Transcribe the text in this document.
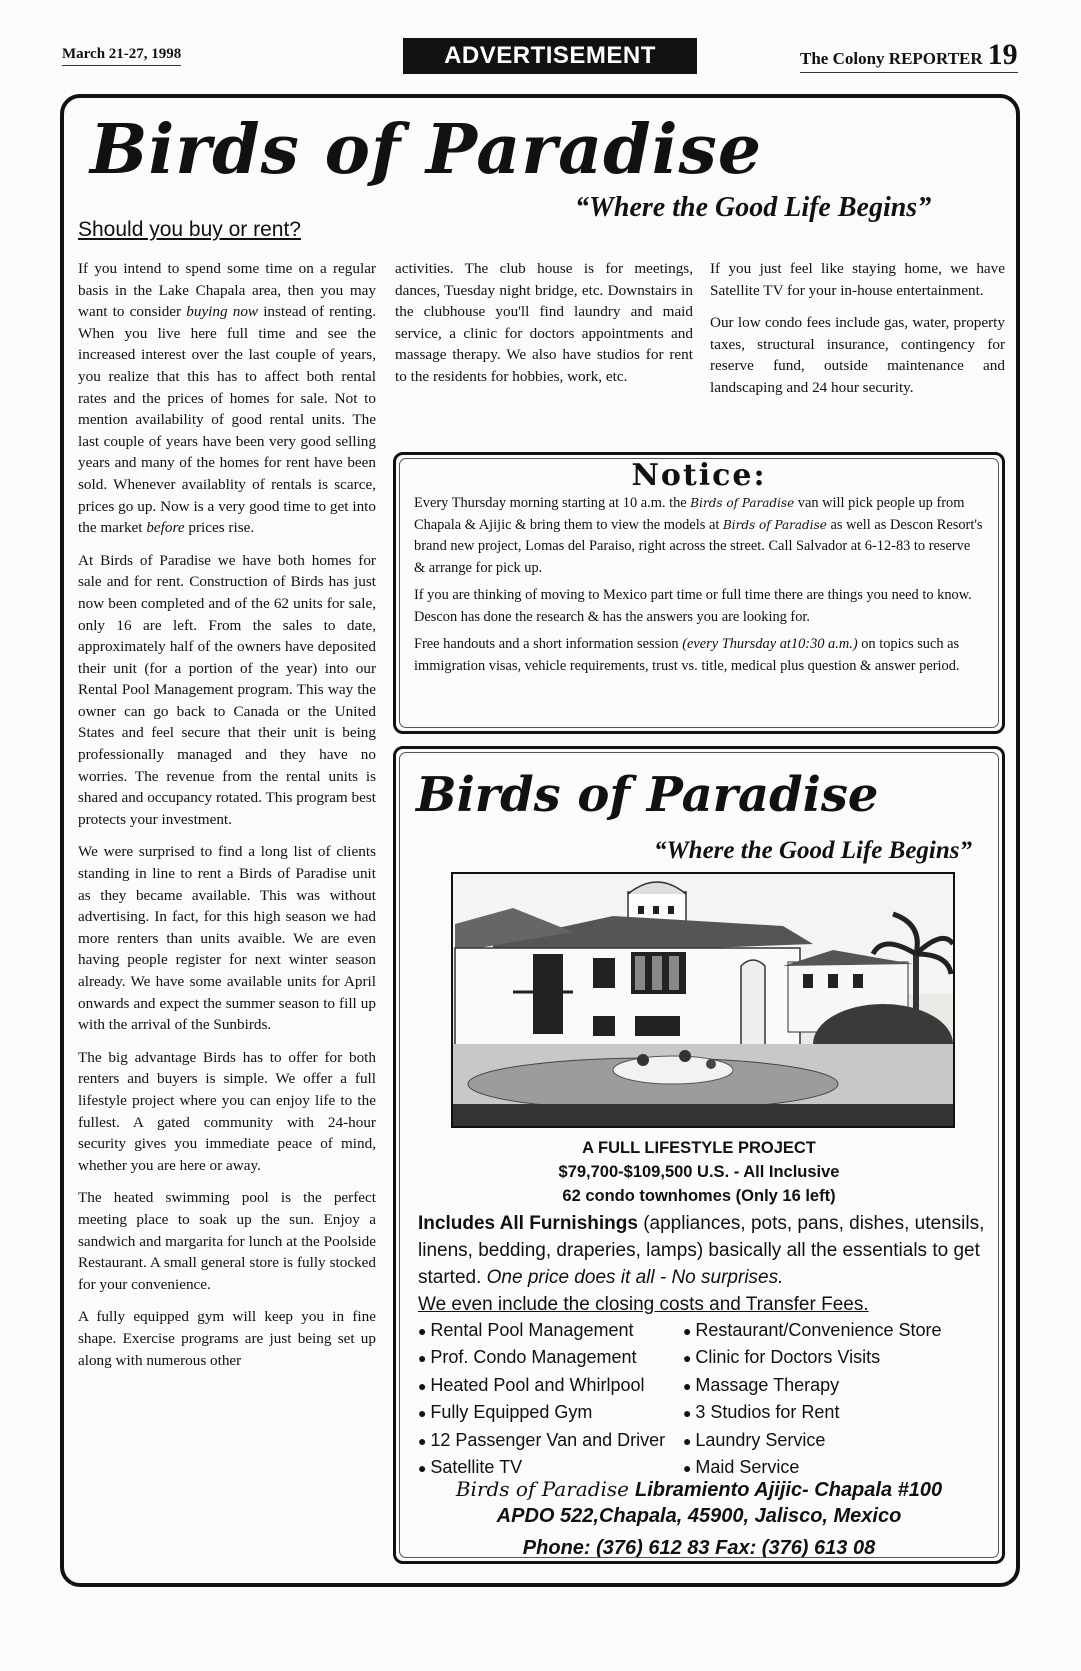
March 21-27, 1998	ADVERTISEMENT	The Colony REPORTER 19
Birds of Paradise
“Where the Good Life Begins”
Should you buy or rent?

If you intend to spend some time on a regular basis in the Lake Chapala area, then you may want to consider buying now instead of renting. When you live here full time and see the increased interest over the last couple of years, you realize that this has to affect both rental rates and the prices of homes for sale. Not to mention availability of good rental units. The last couple of years have been very good selling years and many of the homes for rent have been sold. Whenever availablity of rentals is scarce, prices go up. Now is a very good time to get into the market before prices rise.

At Birds of Paradise we have both homes for sale and for rent. Construction of Birds has just now been completed and of the 62 units for sale, only 16 are left. From the sales to date, approximately half of the owners have deposited their unit (for a portion of the year) into our Rental Pool Management program. This way the owner can go back to Canada or the United States and feel secure that their unit is being professionally managed and they have no worries. The revenue from the rental units is shared and occupancy rotated. This program best protects your investment.

We were surprised to find a long list of clients standing in line to rent a Birds of Paradise unit as they became available. This was without advertising. In fact, for this high season we had more renters than units avaible. We are even having people register for next winter season already. We have some available units for April onwards and expect the summer season to fill up with the arrival of the Sunbirds.

The big advantage Birds has to offer for both renters and buyers is simple. We offer a full lifestyle project where you can enjoy life to the fullest. A gated community with 24-hour security gives you immediate peace of mind, whether you are here or away.

The heated swimming pool is the perfect meeting place to soak up the sun. Enjoy a sandwich and margarita for lunch at the Poolside Restaurant. A small general store is fully stocked for your convenience.

A fully equipped gym will keep you in fine shape. Exercise programs are just being set up along with numerous other

activities. The club house is for meetings, dances, Tuesday night bridge, etc. Downstairs in the clubhouse you'll find laundry and maid service, a clinic for doctors appointments and massage therapy. We also have studios for rent to the residents for hobbies, work, etc.

If you just feel like staying home, we have Satellite TV for your in-house entertainment.

Our low condo fees include gas, water, property taxes, structural insurance, contingency for reserve fund, outside maintenance and landscaping and 24 hour security.

Notice:

Every Thursday morning starting at 10 a.m. the Birds of Paradise van will pick people up from Chapala & Ajijic & bring them to view the models at Birds of Paradise as well as Descon Resort's brand new project, Lomas del Paraiso, right across the street. Call Salvador at 6-12-83 to reserve & arrange for pick up.

If you are thinking of moving to Mexico part time or full time there are things you need to know. Descon has done the research & has the answers you are looking for.

Free handouts and a short information session (every Thursday at10:30 a.m.) on topics such as immigration visas, vehicle requirements, trust vs. title, medical plus question & answer period.

Birds of Paradise
“Where the Good Life Begins”
A FULL LIFESTYLE PROJECT
$79,700-$109,500 U.S. - All Inclusive
62 condo townhomes (Only 16 left)
Includes All Furnishings (appliances, pots, pans, dishes, utensils, linens, bedding, draperies, lamps) basically all the essentials to get started. One price does it all - No surprises.
We even include the closing costs and Transfer Fees.
● Rental Pool Management
● Prof. Condo Management
● Heated Pool and Whirlpool
● Fully Equipped Gym
● 12 Passenger Van and Driver
● Satellite TV
● Restaurant/Convenience Store
● Clinic for Doctors Visits
● Massage Therapy
● 3 Studios for Rent
● Laundry Service
● Maid Service
Birds of Paradise Libramiento Ajijic- Chapala #100
APDO 522,Chapala, 45900, Jalisco, Mexico
Phone: (376) 612 83 Fax: (376) 613 08
